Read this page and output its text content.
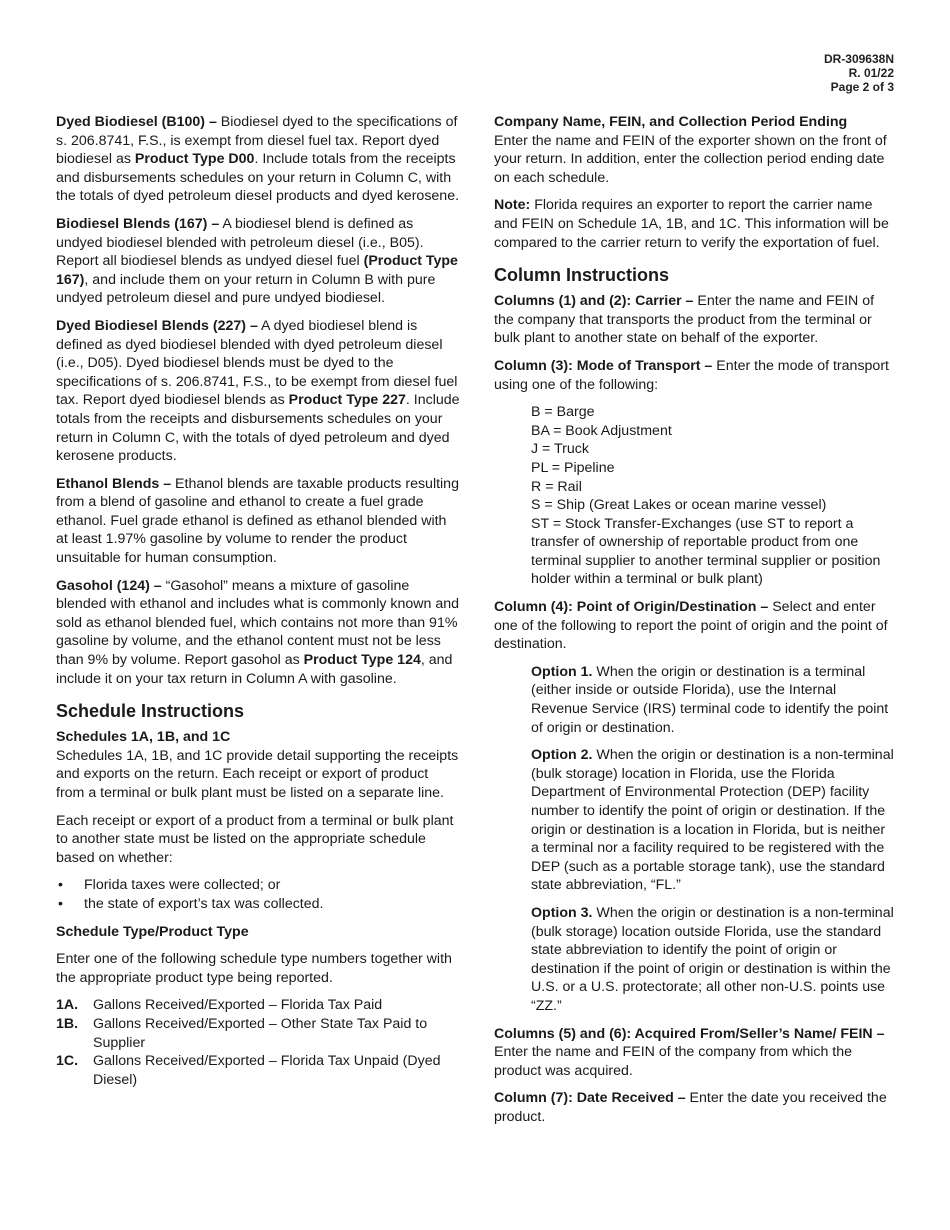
DR-309638N
R. 01/22
Page 2 of 3

Dyed Biodiesel (B100) – Biodiesel dyed to the specifications of s. 206.8741, F.S., is exempt from diesel fuel tax. Report dyed biodiesel as Product Type D00. Include totals from the receipts and disbursements schedules on your return in Column C, with the totals of dyed petroleum diesel products and dyed kerosene.

Biodiesel Blends (167) – A biodiesel blend is defined as undyed biodiesel blended with petroleum diesel (i.e., B05). Report all biodiesel blends as undyed diesel fuel (Product Type 167), and include them on your return in Column B with pure undyed petroleum diesel and pure undyed biodiesel.

Dyed Biodiesel Blends (227) – A dyed biodiesel blend is defined as dyed biodiesel blended with dyed petroleum diesel (i.e., D05). Dyed biodiesel blends must be dyed to the specifications of s. 206.8741, F.S., to be exempt from diesel fuel tax. Report dyed biodiesel blends as Product Type 227. Include totals from the receipts and disbursements schedules on your return in Column C, with the totals of dyed petroleum and dyed kerosene products.

Ethanol Blends – Ethanol blends are taxable products resulting from a blend of gasoline and ethanol to create a fuel grade ethanol. Fuel grade ethanol is defined as ethanol blended with at least 1.97% gasoline by volume to render the product unsuitable for human consumption.

Gasohol (124) – “Gasohol” means a mixture of gasoline blended with ethanol and includes what is commonly known and sold as ethanol blended fuel, which contains not more than 91% gasoline by volume, and the ethanol content must not be less than 9% by volume. Report gasohol as Product Type 124, and include it on your tax return in Column A with gasoline.

Schedule Instructions
Schedules 1A, 1B, and 1C

Schedules 1A, 1B, and 1C provide detail supporting the receipts and exports on the return. Each receipt or export of product from a terminal or bulk plant must be listed on a separate line.

Each receipt or export of a product from a terminal or bulk plant to another state must be listed on the appropriate schedule based on whether:

• Florida taxes were collected; or
• the state of export’s tax was collected.

Schedule Type/Product Type

Enter one of the following schedule type numbers together with the appropriate product type being reported.

1A. Gallons Received/Exported – Florida Tax Paid
1B. Gallons Received/Exported – Other State Tax Paid to Supplier
1C. Gallons Received/Exported – Florida Tax Unpaid (Dyed Diesel)
Company Name, FEIN, and Collection Period Ending

Enter the name and FEIN of the exporter shown on the front of your return. In addition, enter the collection period ending date on each schedule.

Note: Florida requires an exporter to report the carrier name and FEIN on Schedule 1A, 1B, and 1C. This information will be compared to the carrier return to verify the exportation of fuel.

Column Instructions

Columns (1) and (2): Carrier – Enter the name and FEIN of the company that transports the product from the terminal or bulk plant to another state on behalf of the exporter.

Column (3): Mode of Transport – Enter the mode of transport using one of the following:

B = Barge
BA = Book Adjustment
J = Truck
PL = Pipeline
R = Rail
S = Ship (Great Lakes or ocean marine vessel)
ST = Stock Transfer-Exchanges (use ST to report a transfer of ownership of reportable product from one terminal supplier to another terminal supplier or position holder within a terminal or bulk plant)

Column (4): Point of Origin/Destination – Select and enter one of the following to report the point of origin and the point of destination.

Option 1. When the origin or destination is a terminal (either inside or outside Florida), use the Internal Revenue Service (IRS) terminal code to identify the point of origin or destination.

Option 2. When the origin or destination is a non-terminal (bulk storage) location in Florida, use the Florida Department of Environmental Protection (DEP) facility number to identify the point of origin or destination. If the origin or destination is a location in Florida, but is neither a terminal nor a facility required to be registered with the DEP (such as a portable storage tank), use the standard state abbreviation, “FL.”

Option 3. When the origin or destination is a non-terminal (bulk storage) location outside Florida, use the standard state abbreviation to identify the point of origin or destination if the point of origin or destination is within the U.S. or a U.S. protectorate; all other non-U.S. points use “ZZ.”

Columns (5) and (6): Acquired From/Seller’s Name/ FEIN – Enter the name and FEIN of the company from which the product was acquired.

Column (7): Date Received – Enter the date you received the product.
